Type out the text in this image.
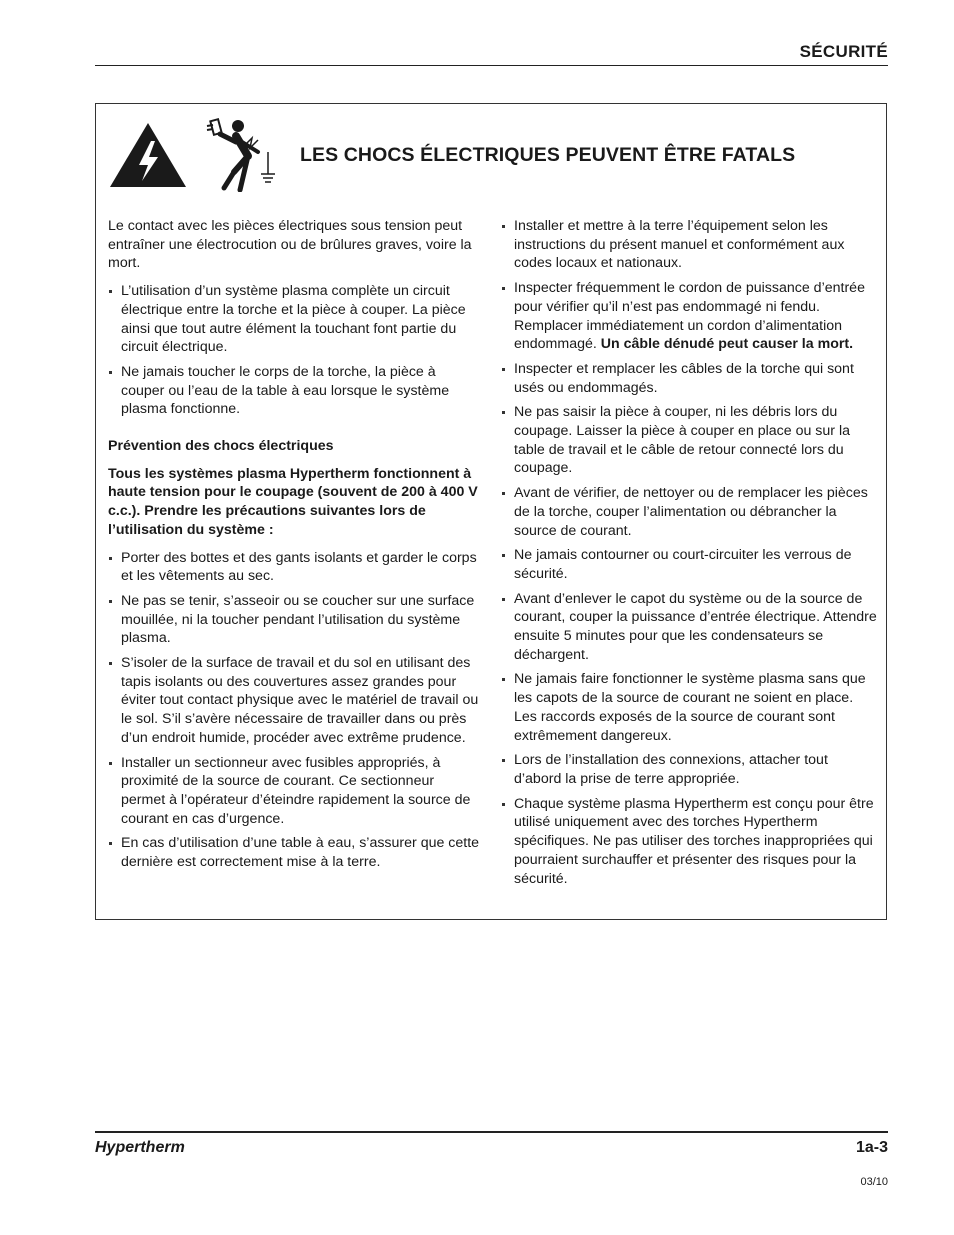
SÉCURITÉ
LES CHOCS ÉLECTRIQUES PEUVENT ÊTRE FATALS

Le contact avec les pièces électriques sous tension peut entraîner une électrocution ou de brûlures graves, voire la mort.

L’utilisation d’un système plasma complète un circuit électrique entre la torche et la pièce à couper. La pièce ainsi que tout autre élément la touchant font partie du circuit électrique.
Ne jamais toucher le corps de la torche, la pièce à couper ou l’eau de la table à eau lorsque le système plasma fonctionne.

Prévention des chocs électriques

Tous les systèmes plasma Hypertherm fonctionnent à haute tension pour le coupage (souvent de 200 à 400 V c.c.). Prendre les précautions suivantes lors de l’utilisation du système :

Porter des bottes et des gants isolants et garder le corps et les vêtements au sec.
Ne pas se tenir, s’asseoir ou se coucher sur une surface mouillée, ni la toucher pendant l’utilisation du système plasma.
S’isoler de la surface de travail et du sol en utilisant des tapis isolants ou des couvertures assez grandes pour éviter tout contact physique avec le matériel de travail ou le sol. S’il s’avère nécessaire de travailler dans ou près d’un endroit humide, procéder avec extrême prudence.
Installer un sectionneur avec fusibles appropriés, à proximité de la source de courant. Ce sectionneur permet à l’opérateur d’éteindre rapidement la source de courant en cas d’urgence.
En cas d’utilisation d’une table à eau, s’assurer que cette dernière est correctement mise à la terre.
Installer et mettre à la terre l’équipement selon les instructions du présent manuel et conformément aux codes locaux et nationaux.
Inspecter fréquemment le cordon de puissance d’entrée pour vérifier qu’il n’est pas endommagé ni fendu. Remplacer immédiatement un cordon d’alimentation endommagé. Un câble dénudé peut causer la mort.
Inspecter et remplacer les câbles de la torche qui sont usés ou endommagés.
Ne pas saisir la pièce à couper, ni les débris lors du coupage. Laisser la pièce à couper en place ou sur la table de travail et le câble de retour connecté lors du coupage.
Avant de vérifier, de nettoyer ou de remplacer les pièces de la torche, couper l’alimentation ou débrancher la source de courant.
Ne jamais contourner ou court-circuiter les verrous de sécurité.
Avant d’enlever le capot du système ou de la source de courant, couper la puissance d’entrée électrique. Attendre ensuite 5 minutes pour que les condensateurs se déchargent.
Ne jamais faire fonctionner le système plasma sans que les capots de la source de courant ne soient en place. Les raccords exposés de la source de courant sont extrêmement dangereux.
Lors de l’installation des connexions, attacher tout d’abord la prise de terre appropriée.
Chaque système plasma Hypertherm est conçu pour être utilisé uniquement avec des torches Hypertherm spécifiques. Ne pas utiliser des torches inappropriées qui pourraient surchauffer et présenter des risques pour la sécurité.
Hypertherm	1a-3
03/10
